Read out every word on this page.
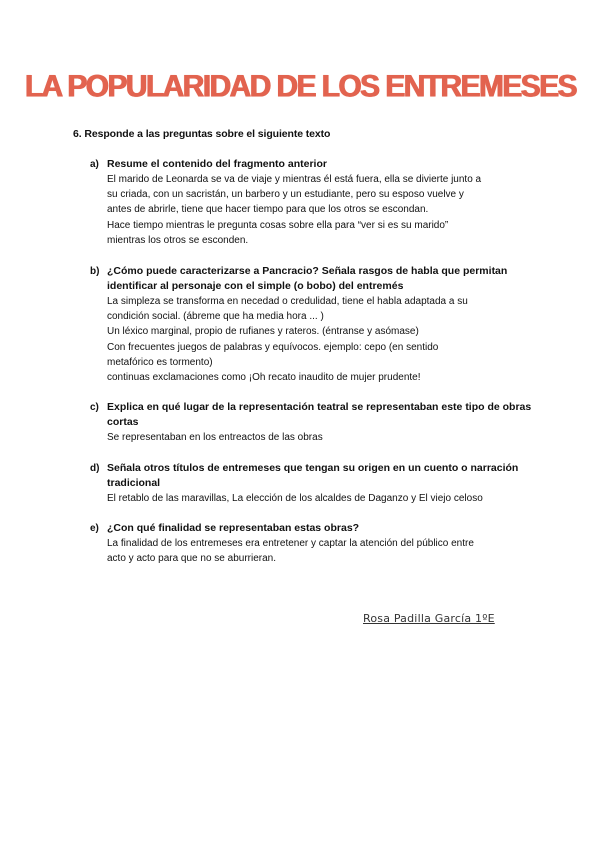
LA POPULARIDAD DE LOS ENTREMESES
6. Responde a las preguntas sobre el siguiente texto
a) Resume el contenido del fragmento anterior
El marido de Leonarda se va de viaje y mientras él está fuera, ella se divierte junto a
su criada, con un sacristán, un barbero y un estudiante, pero su esposo vuelve y
antes de abrirle, tiene que hacer tiempo para que los otros se escondan.
Hace tiempo mientras le pregunta cosas sobre ella para “ver si es su marido”
mientras los otros se esconden.
b) ¿Cómo puede caracterizarse a Pancracio? Señala rasgos de habla que permitan identificar al personaje con el simple (o bobo) del entremés
La simpleza se transforma en necedad o credulidad, tiene el habla adaptada a su
condición social. (ábreme que ha media hora ... )
Un léxico marginal, propio de rufianes y rateros. (éntranse y asómase)
Con frecuentes juegos de palabras y equívocos. ejemplo: cepo (en sentido
metafórico es tormento)
continuas exclamaciones como ¡Oh recato inaudito de mujer prudente!
c) Explica en qué lugar de la representación teatral se representaban este tipo de obras cortas
Se representaban en los entreactos de las obras
d) Señala otros títulos de entremeses que tengan su origen en un cuento o narración tradicional
El retablo de las maravillas, La elección de los alcaldes de Daganzo y El viejo celoso
e) ¿Con qué finalidad se representaban estas obras?
La finalidad de los entremeses era entretener y captar la atención del público entre
acto y acto para que no se aburrieran.
Rosa Padilla García 1ºE
